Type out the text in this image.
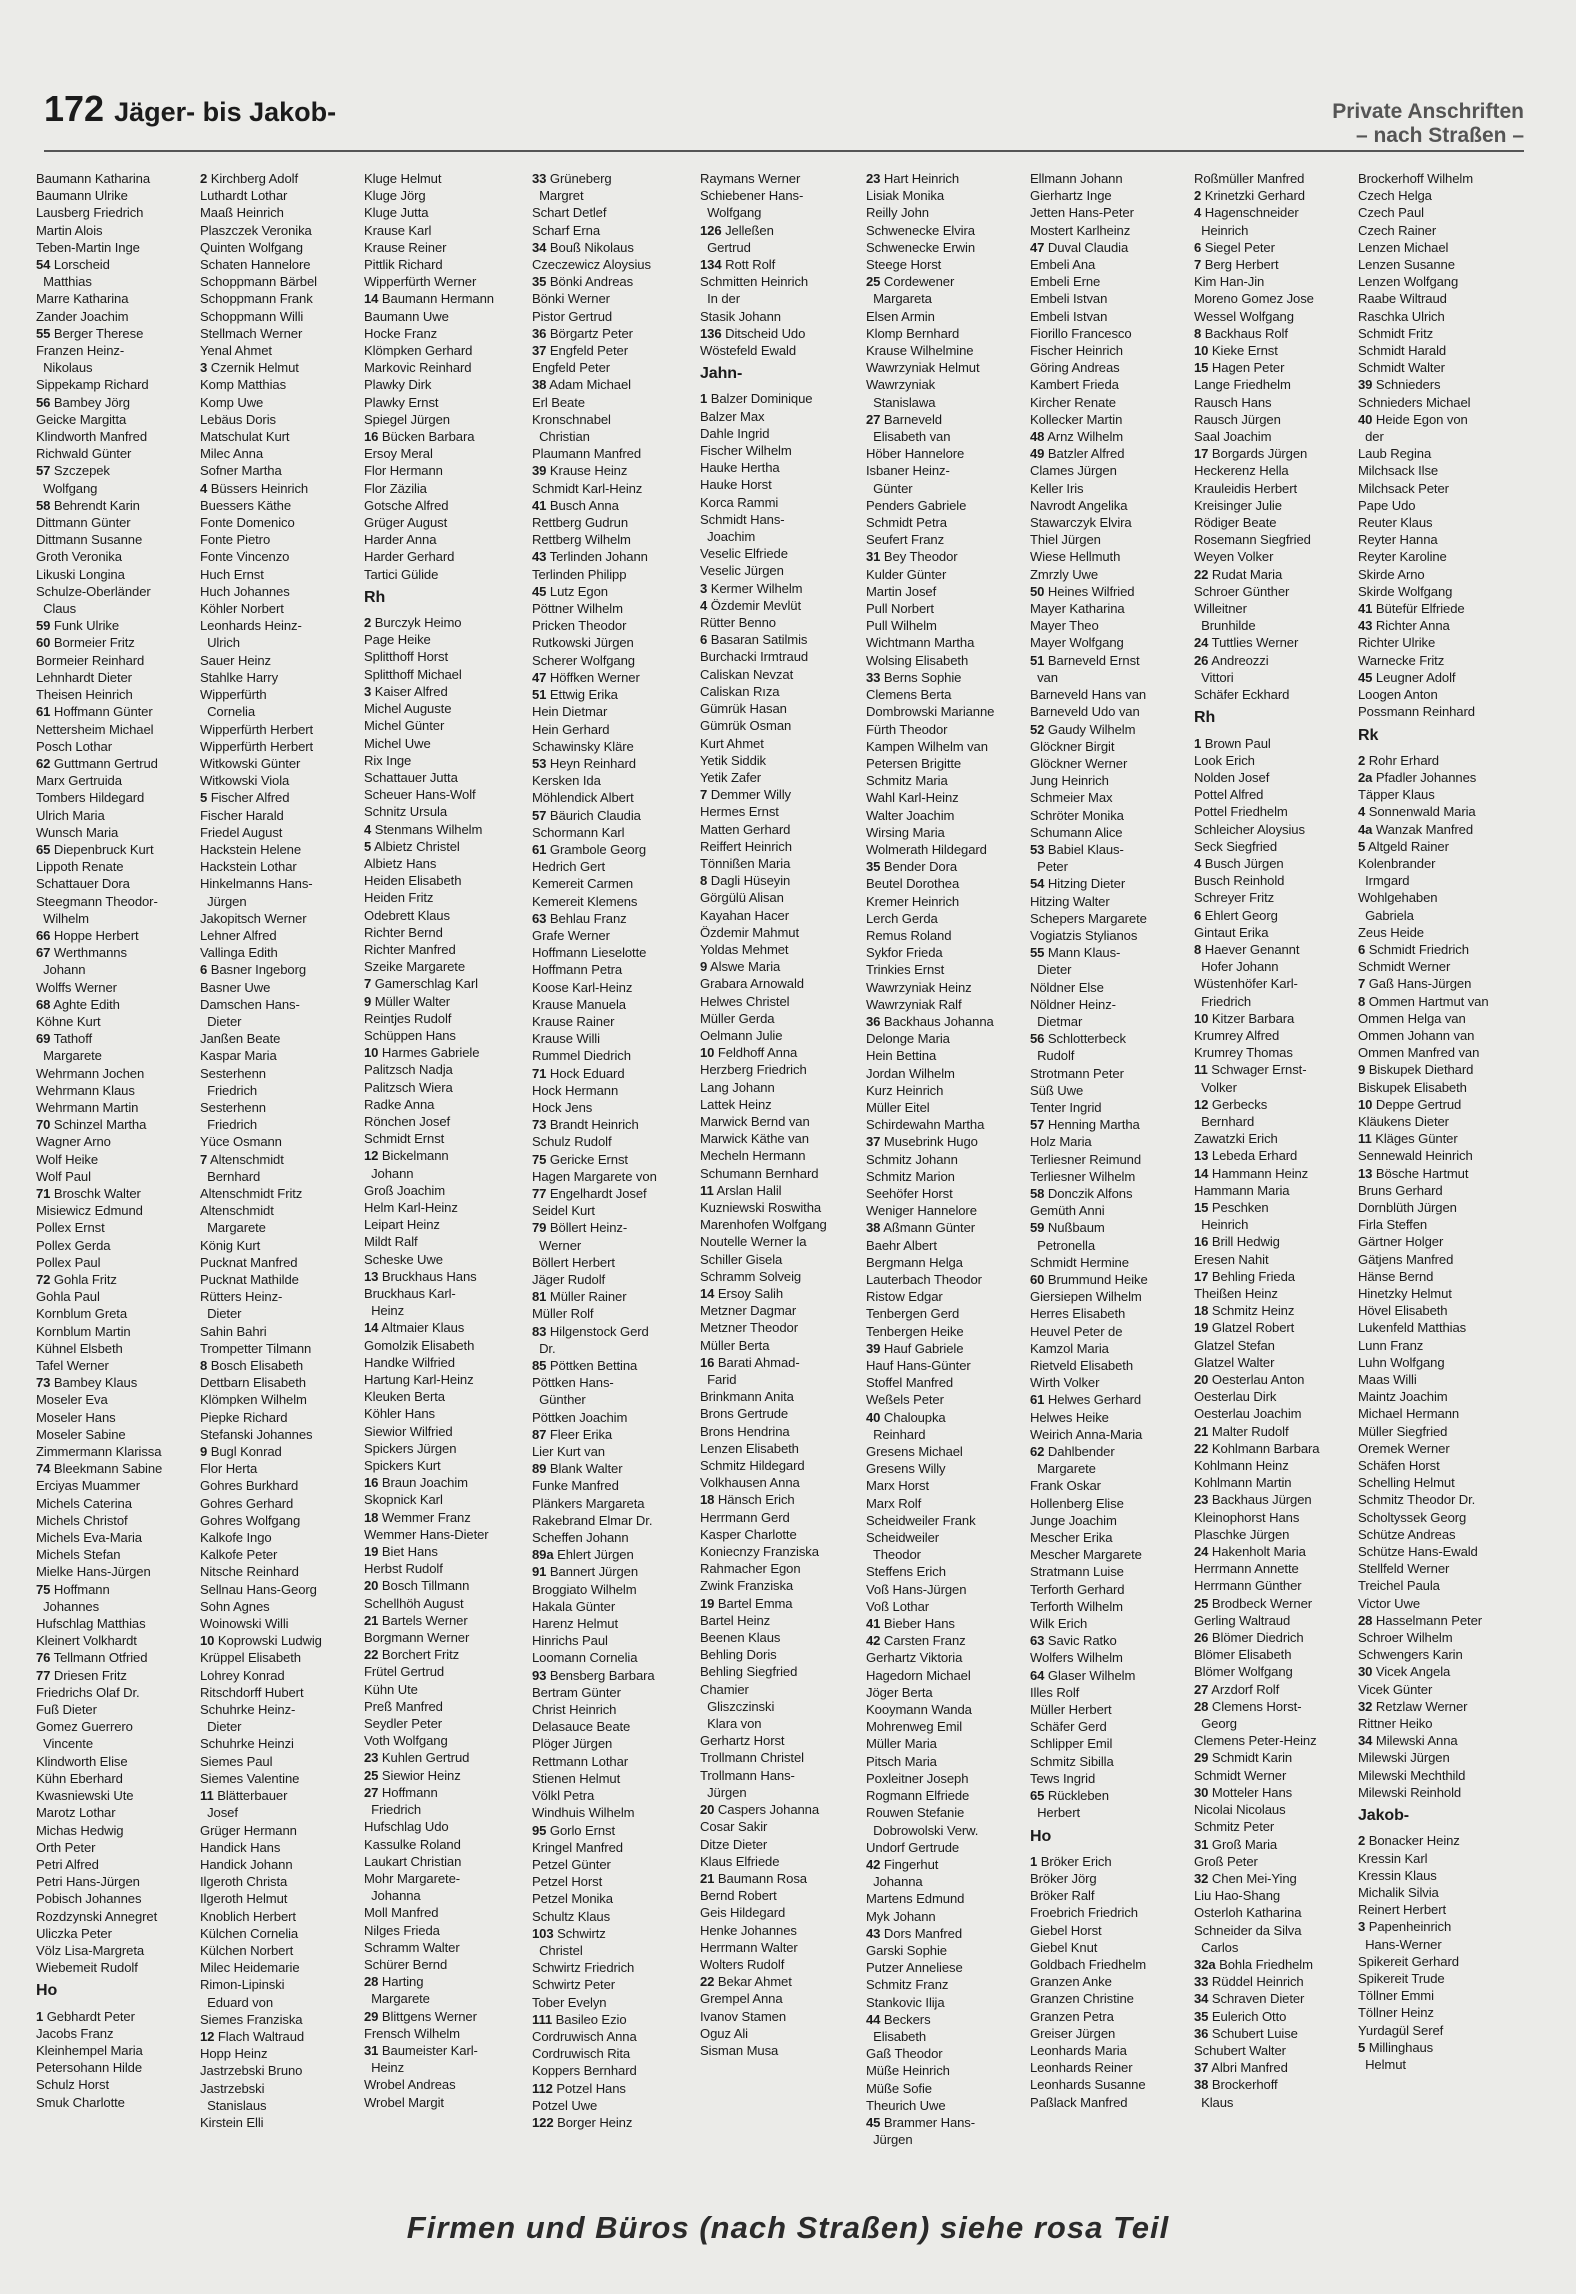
172 Jäger- bis Jakob-	Private Anschriften
– nach Straßen –
Baumann Katharina
Baumann Ulrike
Lausberg Friedrich
Martin Alois
Teben-Martin Inge
54 Lorscheid
Matthias
Marre Katharina
Zander Joachim
55 Berger Therese
Franzen Heinz-
Nikolaus
Sippekamp Richard
56 Bambey Jörg
Geicke Margitta
Klindworth Manfred
Richwald Günter
57 Szczepek
Wolfgang
58 Behrendt Karin
Dittmann Günter
Dittmann Susanne
Groth Veronika
Likuski Longina
Schulze-Oberländer
Claus
59 Funk Ulrike
60 Bormeier Fritz
Bormeier Reinhard
Lehnhardt Dieter
Theisen Heinrich
61 Hoffmann Günter
Nettersheim Michael
Posch Lothar
62 Guttmann Gertrud
Marx Gertruida
Tombers Hildegard
Ulrich Maria
Wunsch Maria
65 Diepenbruck Kurt
Lippoth Renate
Schattauer Dora
Steegmann Theodor-
Wilhelm
66 Hoppe Herbert
67 Werthmanns
Johann
Wolffs Werner
68 Aghte Edith
Köhne Kurt
69 Tathoff
Margarete
Wehrmann Jochen
Wehrmann Klaus
Wehrmann Martin
70 Schinzel Martha
Wagner Arno
Wolf Heike
Wolf Paul
71 Broschk Walter
Misiewicz Edmund
Pollex Ernst
Pollex Gerda
Pollex Paul
72 Gohla Fritz
Gohla Paul
Kornblum Greta
Kornblum Martin
Kühnel Elsbeth
Tafel Werner
73 Bambey Klaus
Moseler Eva
Moseler Hans
Moseler Sabine
Zimmermann Klarissa
74 Bleekmann Sabine
Erciyas Muammer
Michels Caterina
Michels Christof
Michels Eva-Maria
Michels Stefan
Mielke Hans-Jürgen
75 Hoffmann
Johannes
Hufschlag Matthias
Kleinert Volkhardt
76 Tellmann Otfried
77 Driesen Fritz
Friedrichs Olaf Dr.
Fuß Dieter
Gomez Guerrero
Vincente
Klindworth Elise
Kühn Eberhard
Kwasniewski Ute
Marotz Lothar
Michas Hedwig
Orth Peter
Petri Alfred
Petri Hans-Jürgen
Pobisch Johannes
Rozdzynski Annegret
Uliczka Peter
Völz Lisa-Margreta
Wiebemeit Rudolf
Ho
1 Gebhardt Peter
Jacobs Franz
Kleinhempel Maria
Petersohann Hilde
Schulz Horst
Smuk Charlotte
2 Kirchberg Adolf
Luthardt Lothar
Maaß Heinrich
Plaszczek Veronika
Quinten Wolfgang
Schaten Hannelore
Schoppmann Bärbel
Schoppmann Frank
Schoppmann Willi
Stellmach Werner
Yenal Ahmet
3 Czernik Helmut
Komp Matthias
Komp Uwe
Lebäus Doris
Matschulat Kurt
Milec Anna
Sofner Martha
4 Büssers Heinrich
Buessers Käthe
Fonte Domenico
Fonte Pietro
Fonte Vincenzo
Huch Ernst
Huch Johannes
Köhler Norbert
Leonhards Heinz-
Ulrich
Sauer Heinz
Stahlke Harry
Wipperfürth
Cornelia
Wipperfürth Herbert
Wipperfürth Herbert
Witkowski Günter
Witkowski Viola
5 Fischer Alfred
Fischer Harald
Friedel August
Hackstein Helene
Hackstein Lothar
Hinkelmanns Hans-
Jürgen
Jakopitsch Werner
Lehner Alfred
Vallinga Edith
6 Basner Ingeborg
Basner Uwe
Damschen Hans-
Dieter
Janßen Beate
Kaspar Maria
Sesterhenn
Friedrich
Sesterhenn
Friedrich
Yüce Osmann
7 Altenschmidt
Bernhard
Altenschmidt Fritz
Altenschmidt
Margarete
König Kurt
Pucknat Manfred
Pucknat Mathilde
Rütters Heinz-
Dieter
Sahin Bahri
Trompetter Tilmann
8 Bosch Elisabeth
Dettbarn Elisabeth
Klömpken Wilhelm
Piepke Richard
Stefanski Johannes
9 Bugl Konrad
Flor Herta
Gohres Burkhard
Gohres Gerhard
Gohres Wolfgang
Kalkofe Ingo
Kalkofe Peter
Nitsche Reinhard
Sellnau Hans-Georg
Sohn Agnes
Woinowski Willi
10 Koprowski Ludwig
Krüppel Elisabeth
Lohrey Konrad
Ritschdorff Hubert
Schuhrke Heinz-
Dieter
Schuhrke Heinzi
Siemes Paul
Siemes Valentine
11 Blätterbauer
Josef
Grüger Hermann
Handick Hans
Handick Johann
Ilgeroth Christa
Ilgeroth Helmut
Knoblich Herbert
Külchen Cornelia
Külchen Norbert
Milec Heidemarie
Rimon-Lipinski
Eduard von
Siemes Franziska
12 Flach Waltraud
Hopp Heinz
Jastrzebski Bruno
Jastrzebski
Stanislaus
Kirstein Elli
Kluge Helmut
Kluge Jörg
Kluge Jutta
Krause Karl
Krause Reiner
Pittlik Richard
Wipperfürth Werner
14 Baumann Hermann
Baumann Uwe
Hocke Franz
Klömpken Gerhard
Markovic Reinhard
Plawky Dirk
Plawky Ernst
Spiegel Jürgen
16 Bücken Barbara
Ersoy Meral
Flor Hermann
Flor Zäzilia
Gotsche Alfred
Grüger August
Harder Anna
Harder Gerhard
Tartici Gülide
Rh
2 Burczyk Heimo
Page Heike
Splitthoff Horst
Splitthoff Michael
3 Kaiser Alfred
Michel Auguste
Michel Günter
Michel Uwe
Rix Inge
Schattauer Jutta
Scheuer Hans-Wolf
Schnitz Ursula
4 Stenmans Wilhelm
5 Albietz Christel
Albietz Hans
Heiden Elisabeth
Heiden Fritz
Odebrett Klaus
Richter Bernd
Richter Manfred
Szeike Margarete
7 Gamerschlag Karl
9 Müller Walter
Reintjes Rudolf
Schüppen Hans
10 Harmes Gabriele
Palitzsch Nadja
Palitzsch Wiera
Radke Anna
Rönchen Josef
Schmidt Ernst
12 Bickelmann
Johann
Groß Joachim
Helm Karl-Heinz
Leipart Heinz
Mildt Ralf
Scheske Uwe
13 Bruckhaus Hans
Bruckhaus Karl-
Heinz
14 Altmaier Klaus
Gomolzik Elisabeth
Handke Wilfried
Hartung Karl-Heinz
Kleuken Berta
Köhler Hans
Siewior Wilfried
Spickers Jürgen
Spickers Kurt
16 Braun Joachim
Skopnick Karl
18 Wemmer Franz
Wemmer Hans-Dieter
19 Biet Hans
Herbst Rudolf
20 Bosch Tillmann
Schellhöh August
21 Bartels Werner
Borgmann Werner
22 Borchert Fritz
Frütel Gertrud
Kühn Ute
Preß Manfred
Seydler Peter
Voth Wolfgang
23 Kuhlen Gertrud
25 Siewior Heinz
27 Hoffmann
Friedrich
Hufschlag Udo
Kassulke Roland
Laukart Christian
Mohr Margarete-
Johanna
Moll Manfred
Nilges Frieda
Schramm Walter
Schürer Bernd
28 Harting
Margarete
29 Blittgens Werner
Frensch Wilhelm
31 Baumeister Karl-
Heinz
Wrobel Andreas
Wrobel Margit
33 Grüneberg
Margret
Schart Detlef
Scharf Erna
34 Bouß Nikolaus
Czeczewicz Aloysius
35 Bönki Andreas
Bönki Werner
Pistor Gertrud
36 Börgartz Peter
37 Engfeld Peter
Engfeld Peter
38 Adam Michael
Erl Beate
Kronschnabel
Christian
Plaumann Manfred
39 Krause Heinz
Schmidt Karl-Heinz
41 Busch Anna
Rettberg Gudrun
Rettberg Wilhelm
43 Terlinden Johann
Terlinden Philipp
45 Lutz Egon
Pöttner Wilhelm
Pricken Theodor
Rutkowski Jürgen
Scherer Wolfgang
47 Höffken Werner
51 Ettwig Erika
Hein Dietmar
Hein Gerhard
Schawinsky Kläre
53 Heyn Reinhard
Kersken Ida
Möhlendick Albert
57 Bäurich Claudia
Schormann Karl
61 Grambole Georg
Hedrich Gert
Kemereit Carmen
Kemereit Klemens
63 Behlau Franz
Grafe Werner
Hoffmann Lieselotte
Hoffmann Petra
Koose Karl-Heinz
Krause Manuela
Krause Rainer
Krause Willi
Rummel Diedrich
71 Hock Eduard
Hock Hermann
Hock Jens
73 Brandt Heinrich
Schulz Rudolf
75 Gericke Ernst
Hagen Margarete von
77 Engelhardt Josef
Seidel Kurt
79 Böllert Heinz-
Werner
Böllert Herbert
Jäger Rudolf
81 Müller Rainer
Müller Rolf
83 Hilgenstock Gerd
Dr.
85 Pöttken Bettina
Pöttken Hans-
Günther
Pöttken Joachim
87 Fleer Erika
Lier Kurt van
89 Blank Walter
Funke Manfred
Plänkers Margareta
Rakebrand Elmar Dr.
Scheffen Johann
89a Ehlert Jürgen
91 Bannert Jürgen
Broggiato Wilhelm
Hakala Günter
Harenz Helmut
Hinrichs Paul
Loomann Cornelia
93 Bensberg Barbara
Bertram Günter
Christ Heinrich
Delasauce Beate
Plöger Jürgen
Rettmann Lothar
Stienen Helmut
Völkl Petra
Windhuis Wilhelm
95 Gorlo Ernst
Kringel Manfred
Petzel Günter
Petzel Horst
Petzel Monika
Schultz Klaus
103 Schwirtz
Christel
Schwirtz Friedrich
Schwirtz Peter
Tober Evelyn
111 Basileo Ezio
Cordruwisch Anna
Cordruwisch Rita
Koppers Bernhard
112 Potzel Hans
Potzel Uwe
122 Borger Heinz
Raymans Werner
Schiebener Hans-
Wolfgang
126 Jelleßen
Gertrud
134 Rott Rolf
Schmitten Heinrich
In der
Stasik Johann
136 Ditscheid Udo
Wöstefeld Ewald
Jahn-
1 Balzer Dominique
Balzer Max
Dahle Ingrid
Fischer Wilhelm
Hauke Hertha
Hauke Horst
Korca Rammi
Schmidt Hans-
Joachim
Veselic Elfriede
Veselic Jürgen
3 Kermer Wilhelm
4 Özdemir Mevlüt
Rütter Benno
6 Basaran Satilmis
Burchacki Irmtraud
Caliskan Nevzat
Caliskan Rıza
Gümrük Hasan
Gümrük Osman
Kurt Ahmet
Yetik Siddik
Yetik Zafer
7 Demmer Willy
Hermes Ernst
Matten Gerhard
Reiffert Heinrich
Tönnißen Maria
8 Dagli Hüseyin
Görgülü Alisan
Kayahan Hacer
Özdemir Mahmut
Yoldas Mehmet
9 Alswe Maria
Grabara Arnowald
Helwes Christel
Müller Gerda
Oelmann Julie
10 Feldhoff Anna
Herzberg Friedrich
Lang Johann
Lattek Heinz
Marwick Bernd van
Marwick Käthe van
Mecheln Hermann
Schumann Bernhard
11 Arslan Halil
Kuzniewski Roswitha
Marenhofen Wolfgang
Noutelle Werner la
Schiller Gisela
Schramm Solveig
14 Ersoy Salih
Metzner Dagmar
Metzner Theodor
Müller Berta
16 Barati Ahmad-
Farid
Brinkmann Anita
Brons Gertrude
Brons Hendrina
Lenzen Elisabeth
Schmitz Hildegard
Volkhausen Anna
18 Hänsch Erich
Herrmann Gerd
Kasper Charlotte
Koniecnzy Franziska
Rahmacher Egon
Zwink Franziska
19 Bartel Emma
Bartel Heinz
Beenen Klaus
Behling Doris
Behling Siegfried
Chamier
Gliszczinski
Klara von
Gerhartz Horst
Trollmann Christel
Trollmann Hans-
Jürgen
20 Caspers Johanna
Cosar Sakir
Ditze Dieter
Klaus Elfriede
21 Baumann Rosa
Bernd Robert
Geis Hildegard
Henke Johannes
Herrmann Walter
Wolters Rudolf
22 Bekar Ahmet
Grempel Anna
Ivanov Stamen
Oguz Ali
Sisman Musa
23 Hart Heinrich
Lisiak Monika
Reilly John
Schwenecke Elvira
Schwenecke Erwin
Steege Horst
25 Cordewener
Margareta
Elsen Armin
Klomp Bernhard
Krause Wilhelmine
Wawrzyniak Helmut
Wawrzyniak
Stanislawa
27 Barneveld
Elisabeth van
Höber Hannelore
Isbaner Heinz-
Günter
Penders Gabriele
Schmidt Petra
Seufert Franz
31 Bey Theodor
Kulder Günter
Martin Josef
Pull Norbert
Pull Wilhelm
Wichtmann Martha
Wolsing Elisabeth
33 Berns Sophie
Clemens Berta
Dombrowski Marianne
Fürth Theodor
Kampen Wilhelm van
Petersen Brigitte
Schmitz Maria
Wahl Karl-Heinz
Walter Joachim
Wirsing Maria
Wolmerath Hildegard
35 Bender Dora
Beutel Dorothea
Kremer Heinrich
Lerch Gerda
Remus Roland
Sykfor Frieda
Trinkies Ernst
Wawrzyniak Heinz
Wawrzyniak Ralf
36 Backhaus Johanna
Delonge Maria
Hein Bettina
Jordan Wilhelm
Kurz Heinrich
Müller Eitel
Schirdewahn Martha
37 Musebrink Hugo
Schmitz Johann
Schmitz Marion
Seehöfer Horst
Weniger Hannelore
38 Aßmann Günter
Baehr Albert
Bergmann Helga
Lauterbach Theodor
Ristow Edgar
Tenbergen Gerd
Tenbergen Heike
39 Hauf Gabriele
Hauf Hans-Günter
Stoffel Manfred
Weßels Peter
40 Chaloupka
Reinhard
Gresens Michael
Gresens Willy
Marx Horst
Marx Rolf
Scheidweiler Frank
Scheidweiler
Theodor
Steffens Erich
Voß Hans-Jürgen
Voß Lothar
41 Bieber Hans
42 Carsten Franz
Gerhartz Viktoria
Hagedorn Michael
Jöger Berta
Kooymann Wanda
Mohrenweg Emil
Müller Maria
Pitsch Maria
Poxleitner Joseph
Rogmann Elfriede
Rouwen Stefanie
Dobrowolski Verw.
Undorf Gertrude
42 Fingerhut
Johanna
Martens Edmund
Myk Johann
43 Dors Manfred
Garski Sophie
Putzer Anneliese
Schmitz Franz
Stankovic Ilija
44 Beckers
Elisabeth
Gaß Theodor
Müße Heinrich
Müße Sofie
Theurich Uwe
45 Brammer Hans-
Jürgen
Ellmann Johann
Gierhartz Inge
Jetten Hans-Peter
Mostert Karlheinz
47 Duval Claudia
Embeli Ana
Embeli Erne
Embeli Istvan
Embeli Istvan
Fiorillo Francesco
Fischer Heinrich
Göring Andreas
Kambert Frieda
Kircher Renate
Kollecker Martin
48 Arnz Wilhelm
49 Batzler Alfred
Clames Jürgen
Keller Iris
Navrodt Angelika
Stawarczyk Elvira
Thiel Jürgen
Wiese Hellmuth
Zmrzly Uwe
50 Heines Wilfried
Mayer Katharina
Mayer Theo
Mayer Wolfgang
51 Barneveld Ernst
van
Barneveld Hans van
Barneveld Udo van
52 Gaudy Wilhelm
Glöckner Birgit
Glöckner Werner
Jung Heinrich
Schmeier Max
Schröter Monika
Schumann Alice
53 Babiel Klaus-
Peter
54 Hitzing Dieter
Hitzing Walter
Schepers Margarete
Vogiatzis Stylianos
55 Mann Klaus-
Dieter
Nöldner Else
Nöldner Heinz-
Dietmar
56 Schlotterbeck
Rudolf
Strotmann Peter
Süß Uwe
Tenter Ingrid
57 Henning Martha
Holz Maria
Terliesner Reimund
Terliesner Wilhelm
58 Donczik Alfons
Gemüth Anni
59 Nußbaum
Petronella
Schmidt Hermine
60 Brummund Heike
Giersiepen Wilhelm
Herres Elisabeth
Heuvel Peter de
Kamzol Maria
Rietveld Elisabeth
Wirth Volker
61 Helwes Gerhard
Helwes Heike
Weirich Anna-Maria
62 Dahlbender
Margarete
Frank Oskar
Hollenberg Elise
Junge Joachim
Mescher Erika
Mescher Margarete
Stratmann Luise
Terforth Gerhard
Terforth Wilhelm
Wilk Erich
63 Savic Ratko
Wolfers Wilhelm
64 Glaser Wilhelm
Illes Rolf
Müller Herbert
Schäfer Gerd
Schlipper Emil
Schmitz Sibilla
Tews Ingrid
65 Rückleben
Herbert
Ho
1 Bröker Erich
Bröker Jörg
Bröker Ralf
Froebrich Friedrich
Giebel Horst
Giebel Knut
Goldbach Friedhelm
Granzen Anke
Granzen Christine
Granzen Petra
Greiser Jürgen
Leonhards Maria
Leonhards Reiner
Leonhards Susanne
Paßlack Manfred
Roßmüller Manfred
2 Krinetzki Gerhard
4 Hagenschneider
Heinrich
6 Siegel Peter
7 Berg Herbert
Kim Han-Jin
Moreno Gomez Jose
Wessel Wolfgang
8 Backhaus Rolf
10 Kieke Ernst
15 Hagen Peter
Lange Friedhelm
Rausch Hans
Rausch Jürgen
Saal Joachim
17 Borgards Jürgen
Heckerenz Hella
Krauleidis Herbert
Kreisinger Julie
Rödiger Beate
Rosemann Siegfried
Weyen Volker
22 Rudat Maria
Schroer Günther
Willeitner
Brunhilde
24 Tuttlies Werner
26 Andreozzi
Vittori
Schäfer Eckhard
Rh
1 Brown Paul
Look Erich
Nolden Josef
Pottel Alfred
Pottel Friedhelm
Schleicher Aloysius
Seck Siegfried
4 Busch Jürgen
Busch Reinhold
Schreyer Fritz
6 Ehlert Georg
Gintaut Erika
8 Haever Genannt
Hofer Johann
Wüstenhöfer Karl-
Friedrich
10 Kitzer Barbara
Krumrey Alfred
Krumrey Thomas
11 Schwager Ernst-
Volker
12 Gerbecks
Bernhard
Zawatzki Erich
13 Lebeda Erhard
14 Hammann Heinz
Hammann Maria
15 Peschken
Heinrich
16 Brill Hedwig
Eresen Nahit
17 Behling Frieda
Theißen Heinz
18 Schmitz Heinz
19 Glatzel Robert
Glatzel Stefan
Glatzel Walter
20 Oesterlau Anton
Oesterlau Dirk
Oesterlau Joachim
21 Malter Rudolf
22 Kohlmann Barbara
Kohlmann Heinz
Kohlmann Martin
23 Backhaus Jürgen
Kleinophorst Hans
Plaschke Jürgen
24 Hakenholt Maria
Herrmann Annette
Herrmann Günther
25 Brodbeck Werner
Gerling Waltraud
26 Blömer Diedrich
Blömer Elisabeth
Blömer Wolfgang
27 Arzdorf Rolf
28 Clemens Horst-
Georg
Clemens Peter-Heinz
29 Schmidt Karin
Schmidt Werner
30 Motteler Hans
Nicolai Nicolaus
Schmitz Peter
31 Groß Maria
Groß Peter
32 Chen Mei-Ying
Liu Hao-Shang
Osterloh Katharina
Schneider da Silva
Carlos
32a Bohla Friedhelm
33 Rüddel Heinrich
34 Schraven Dieter
35 Eulerich Otto
36 Schubert Luise
Schubert Walter
37 Albri Manfred
38 Brockerhoff
Klaus
Brockerhoff Wilhelm
Czech Helga
Czech Paul
Czech Rainer
Lenzen Michael
Lenzen Susanne
Lenzen Wolfgang
Raabe Wiltraud
Raschka Ulrich
Schmidt Fritz
Schmidt Harald
Schmidt Walter
39 Schnieders
Schnieders Michael
40 Heide Egon von
der
Laub Regina
Milchsack Ilse
Milchsack Peter
Pape Udo
Reuter Klaus
Reyter Hanna
Reyter Karoline
Skirde Arno
Skirde Wolfgang
41 Bütefür Elfriede
43 Richter Anna
Richter Ulrike
Warnecke Fritz
45 Leugner Adolf
Loogen Anton
Possmann Reinhard
Rk
2 Rohr Erhard
2a Pfadler Johannes
Täpper Klaus
4 Sonnenwald Maria
4a Wanzak Manfred
5 Altgeld Rainer
Kolenbrander
Irmgard
Wohlgehaben
Gabriela
Zeus Heide
6 Schmidt Friedrich
Schmidt Werner
7 Gaß Hans-Jürgen
8 Ommen Hartmut van
Ommen Helga van
Ommen Johann van
Ommen Manfred van
9 Biskupek Diethard
Biskupek Elisabeth
10 Deppe Gertrud
Kläukens Dieter
11 Kläges Günter
Sennewald Heinrich
13 Bösche Hartmut
Bruns Gerhard
Dornblüth Jürgen
Firla Steffen
Gärtner Holger
Gätjens Manfred
Hänse Bernd
Hinetzky Helmut
Hövel Elisabeth
Lukenfeld Matthias
Lunn Franz
Luhn Wolfgang
Maas Willi
Maintz Joachim
Michael Hermann
Müller Siegfried
Oremek Werner
Schäfen Horst
Schelling Helmut
Schmitz Theodor Dr.
Scholtyssek Georg
Schütze Andreas
Schütze Hans-Ewald
Stellfeld Werner
Treichel Paula
Victor Uwe
28 Hasselmann Peter
Schroer Wilhelm
Schwengers Karin
30 Vicek Angela
Vicek Günter
32 Retzlaw Werner
Rittner Heiko
34 Milewski Anna
Milewski Jürgen
Milewski Mechthild
Milewski Reinhold
Jakob-
2 Bonacker Heinz
Kressin Karl
Kressin Klaus
Michalik Silvia
Reinert Herbert
3 Papenheinrich
Hans-Werner
Spikereit Gerhard
Spikereit Trude
Töllner Emmi
Töllner Heinz
Yurdagül Seref
5 Millinghaus
Helmut
Firmen und Büros (nach Straßen) siehe rosa Teil
